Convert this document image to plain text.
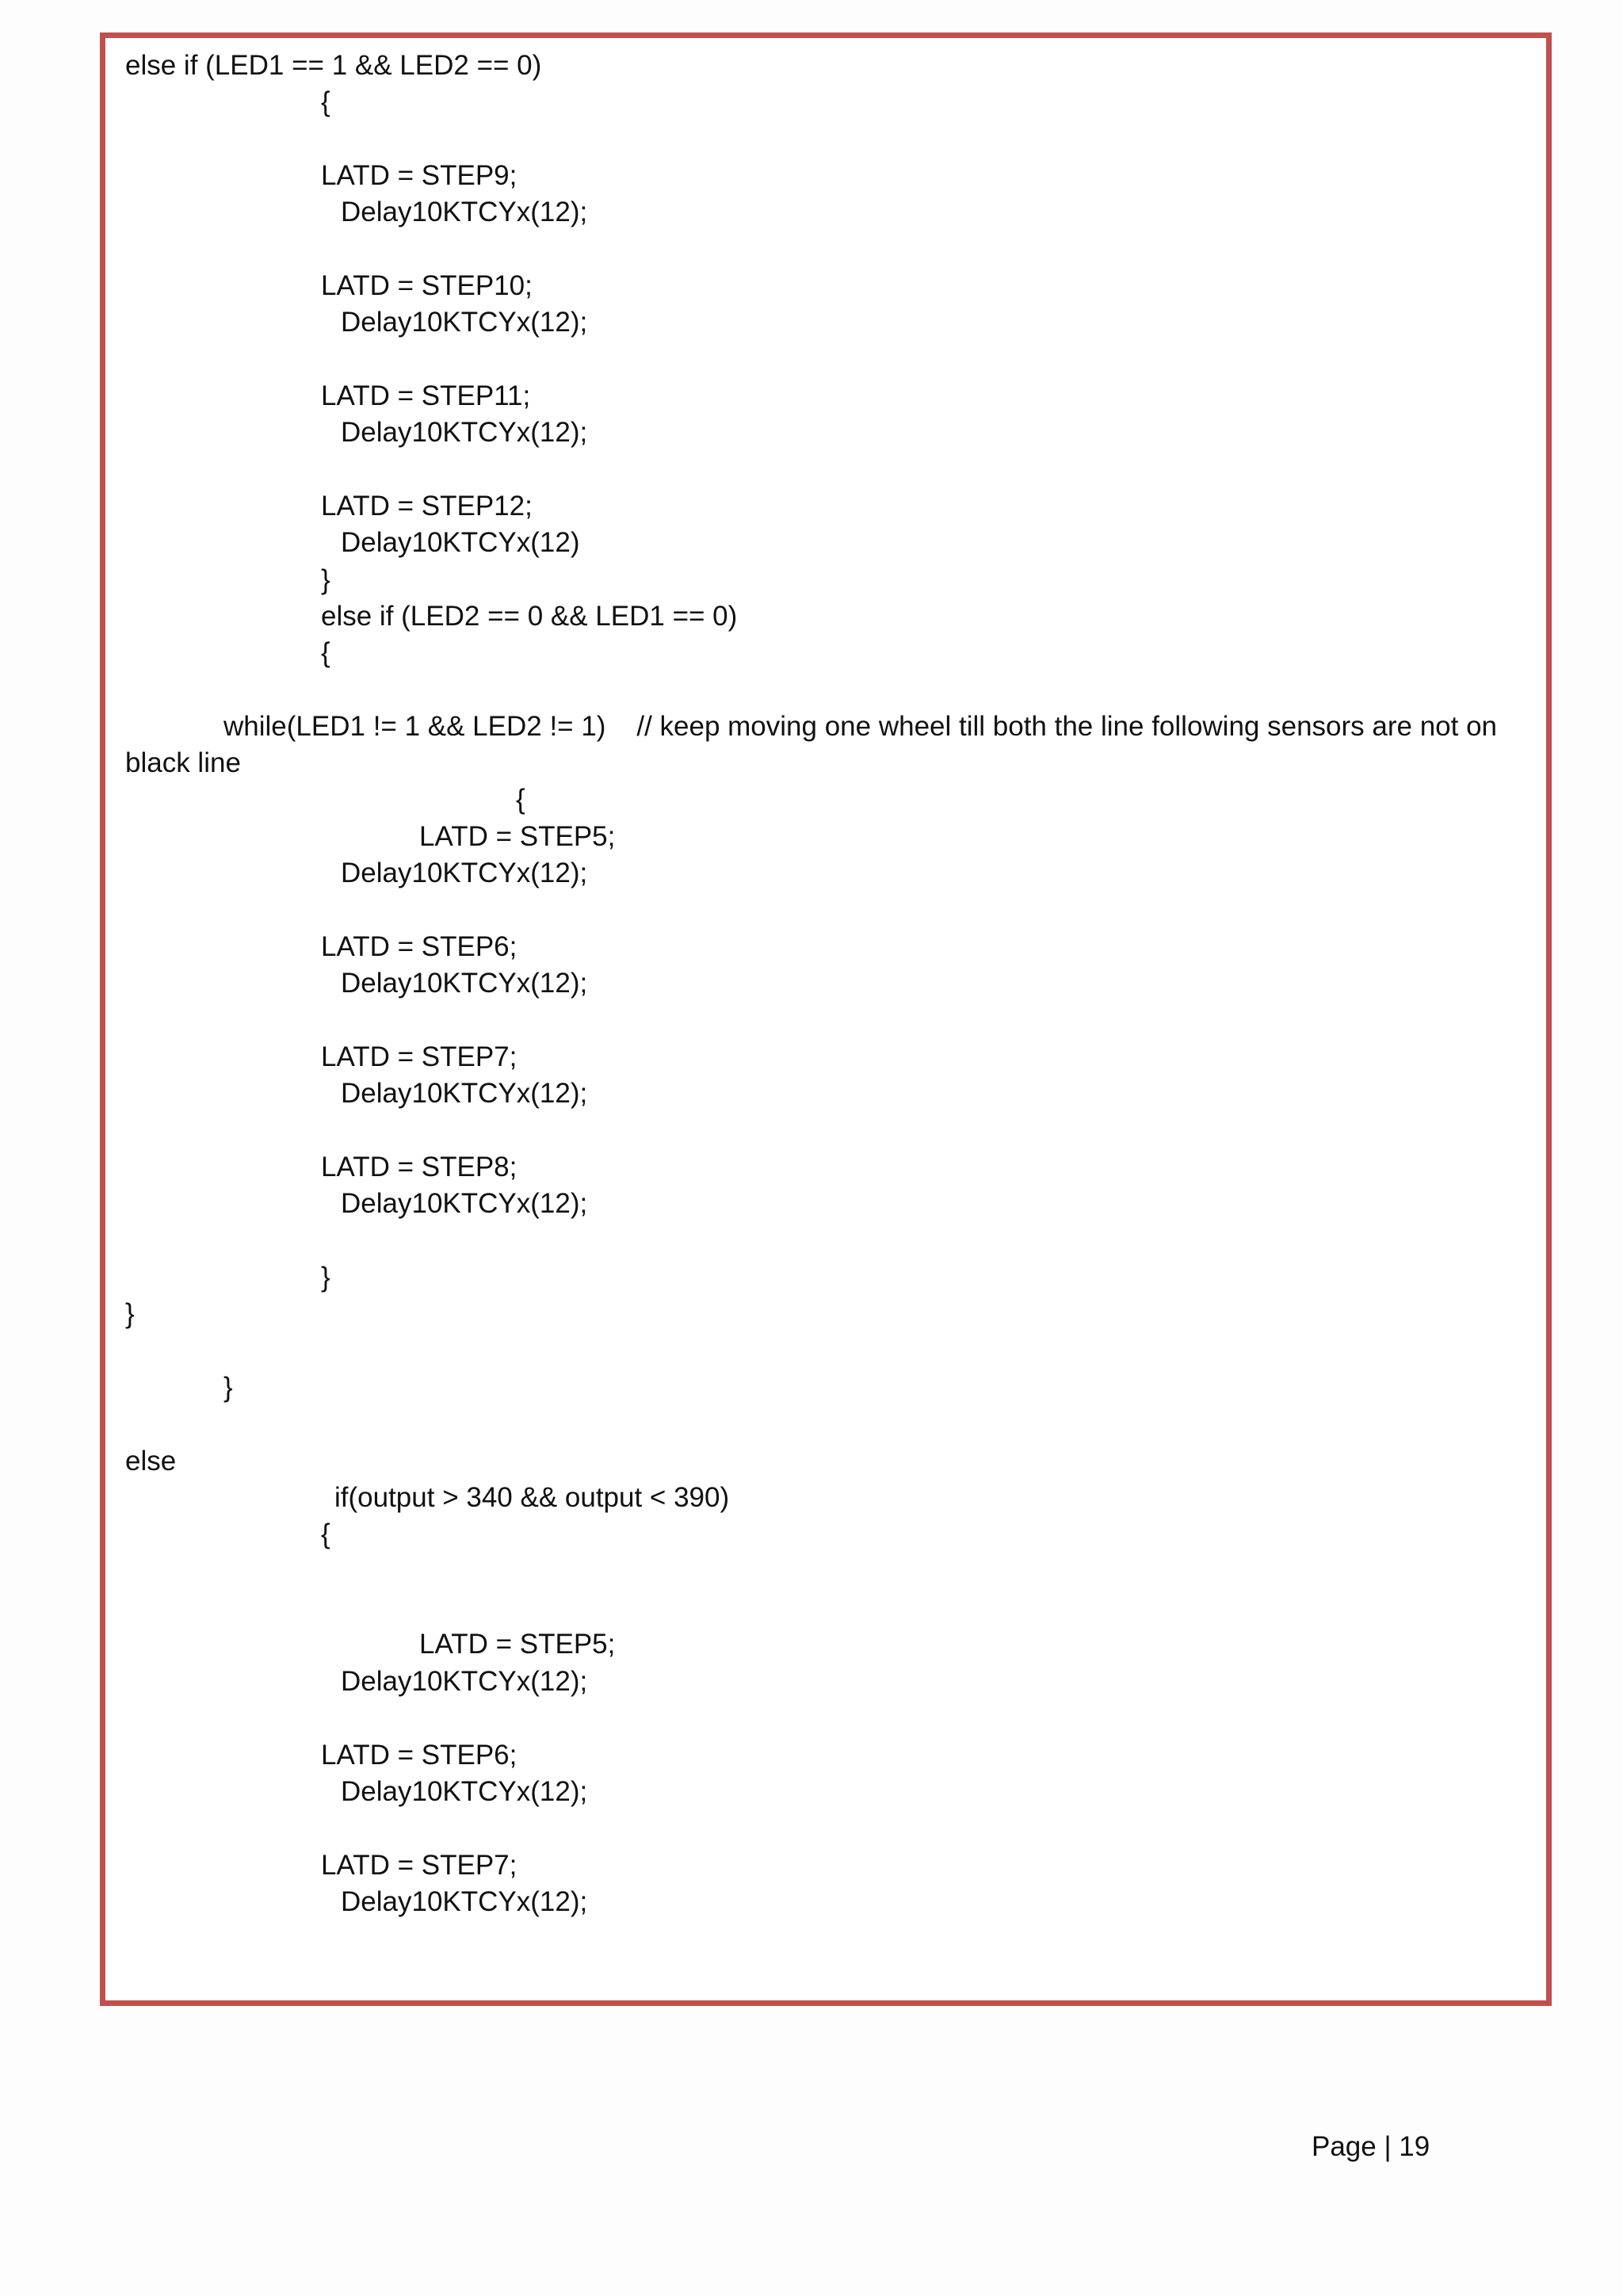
else if (LED1 == 1 && LED2 == 0)
{
LATD = STEP9;
Delay10KTCYx(12);
LATD = STEP10;
Delay10KTCYx(12);
LATD = STEP11;
Delay10KTCYx(12);
LATD = STEP12;
Delay10KTCYx(12)
}
else if (LED2 == 0 && LED1 == 0)
{
while(LED1 != 1 && LED2 != 1)    // keep moving one wheel till both the line following sensors are not on
black line
{
LATD = STEP5;
Delay10KTCYx(12);
LATD = STEP6;
Delay10KTCYx(12);
LATD = STEP7;
Delay10KTCYx(12);
LATD = STEP8;
Delay10KTCYx(12);
}
}
}
else
if(output > 340 && output < 390)
{
LATD = STEP5;
Delay10KTCYx(12);
LATD = STEP6;
Delay10KTCYx(12);
LATD = STEP7;
Delay10KTCYx(12);
Page | 19
